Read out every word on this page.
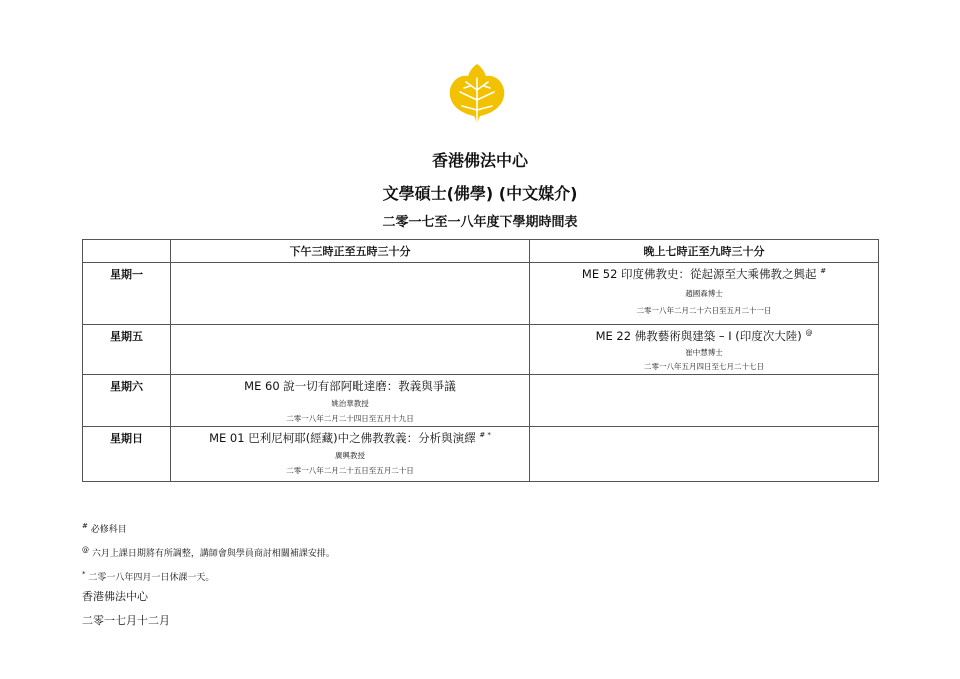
香港佛法中心
文學碩士(佛學) (中文媒介)
二零一七至一八年度下學期時間表
	下午三時正至五時三十分	晚上七時正至九時三十分
星期一		ME 52 印度佛教史：從起源至大乘佛教之興起 #
趙國森博士
二零一八年二月二十六日至五月二十一日

星期五		ME 22 佛教藝術與建築 – I (印度次大陸) @
崔中慧博士
二零一八年五月四日至七月二十七日

星期六	ME 60 說一切有部阿毗達磨：教義與爭議
姚治華教授
二零一八年二月二十四日至五月十九日	

星期日	ME 01 巴利尼柯耶(經藏)中之佛教教義：分析與演繹 # *
廣興教授
二零一八年二月二十五日至五月二十日	

# 必修科目
@ 六月上課日期將有所調整，講師會與學員商討相關補課安排。
* 二零一八年四月一日休課一天。
香港佛法中心
二零一七月十二月
